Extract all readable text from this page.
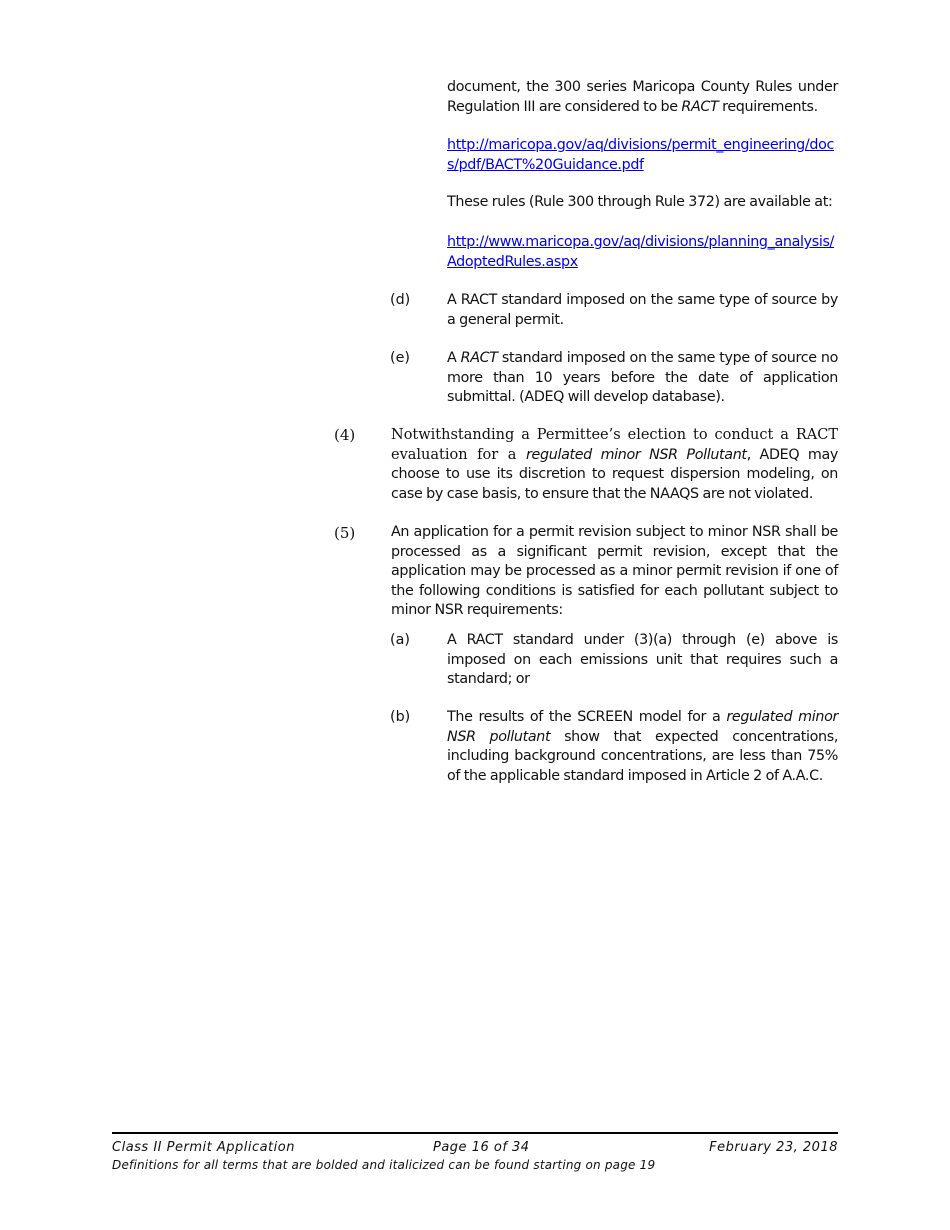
document, the 300 series Maricopa County Rules under Regulation III are considered to be RACT requirements.
http://maricopa.gov/aq/divisions/permit_engineering/docs/pdf/BACT%20Guidance.pdf
These rules (Rule 300 through Rule 372) are available at:
http://www.maricopa.gov/aq/divisions/planning_analysis/AdoptedRules.aspx
(d)	A RACT standard imposed on the same type of source by a general permit.
(e)	A RACT standard imposed on the same type of source no more than 10 years before the date of application submittal. (ADEQ will develop database).
(4) Notwithstanding a Permittee’s election to conduct a RACT evaluation for a regulated minor NSR Pollutant, ADEQ may choose to use its discretion to request dispersion modeling, on case by case basis, to ensure that the NAAQS are not violated.
(5)	An application for a permit revision subject to minor NSR shall be processed as a significant permit revision, except that the application may be processed as a minor permit revision if one of the following conditions is satisfied for each pollutant subject to minor NSR requirements:
(a)	A RACT standard under (3)(a) through (e) above is imposed on each emissions unit that requires such a standard; or
(b)	The results of the SCREEN model for a regulated minor NSR pollutant show that expected concentrations, including background concentrations, are less than 75% of the applicable standard imposed in Article 2 of A.A.C.
Class II Permit Application	Page 16 of 34	February 23, 2018
Definitions for all terms that are bolded and italicized can be found starting on page 19
